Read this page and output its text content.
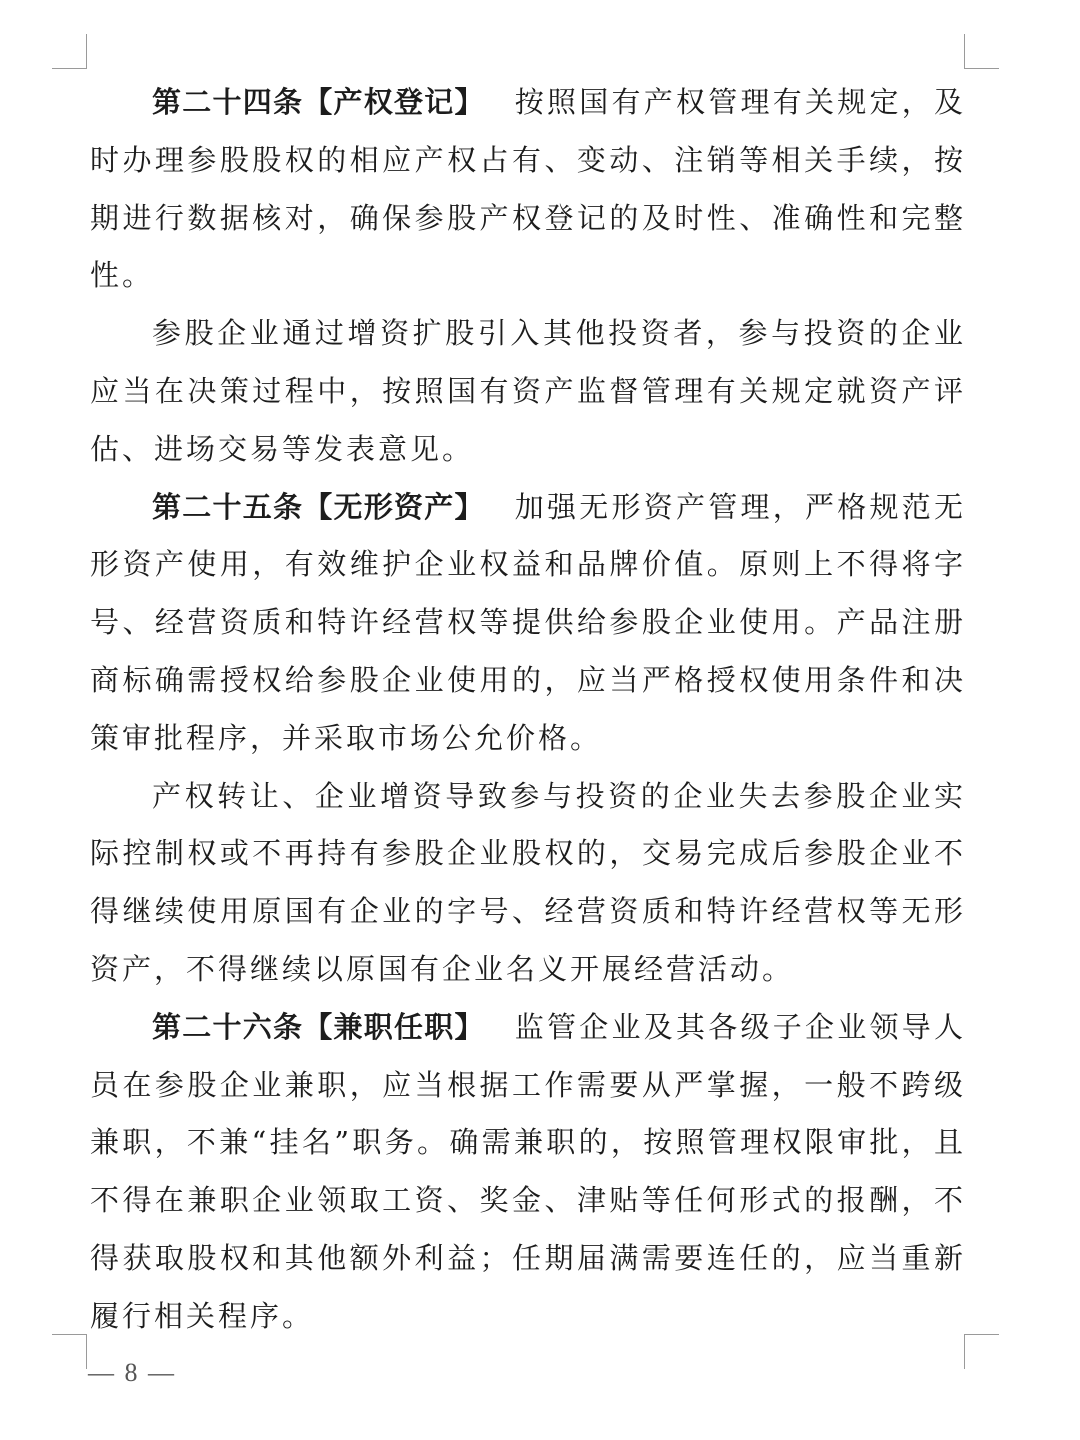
第二十四条【产权登记】 按照国有产权管理有关规定，及时办理参股股权的相应产权占有、变动、注销等相关手续，按期进行数据核对，确保参股产权登记的及时性、准确性和完整性。

参股企业通过增资扩股引入其他投资者，参与投资的企业应当在决策过程中，按照国有资产监督管理有关规定就资产评估、进场交易等发表意见。

第二十五条【无形资产】 加强无形资产管理，严格规范无形资产使用，有效维护企业权益和品牌价值。原则上不得将字号、经营资质和特许经营权等提供给参股企业使用。产品注册商标确需授权给参股企业使用的，应当严格授权使用条件和决策审批程序，并采取市场公允价格。

产权转让、企业增资导致参与投资的企业失去参股企业实际控制权或不再持有参股企业股权的，交易完成后参股企业不得继续使用原国有企业的字号、经营资质和特许经营权等无形资产，不得继续以原国有企业名义开展经营活动。

第二十六条【兼职任职】 监管企业及其各级子企业领导人员在参股企业兼职，应当根据工作需要从严掌握，一般不跨级兼职，不兼“挂名”职务。确需兼职的，按照管理权限审批，且不得在兼职企业领取工资、奖金、津贴等任何形式的报酬，不得获取股权和其他额外利益；任期届满需要连任的，应当重新履行相关程序。

— 8 —
